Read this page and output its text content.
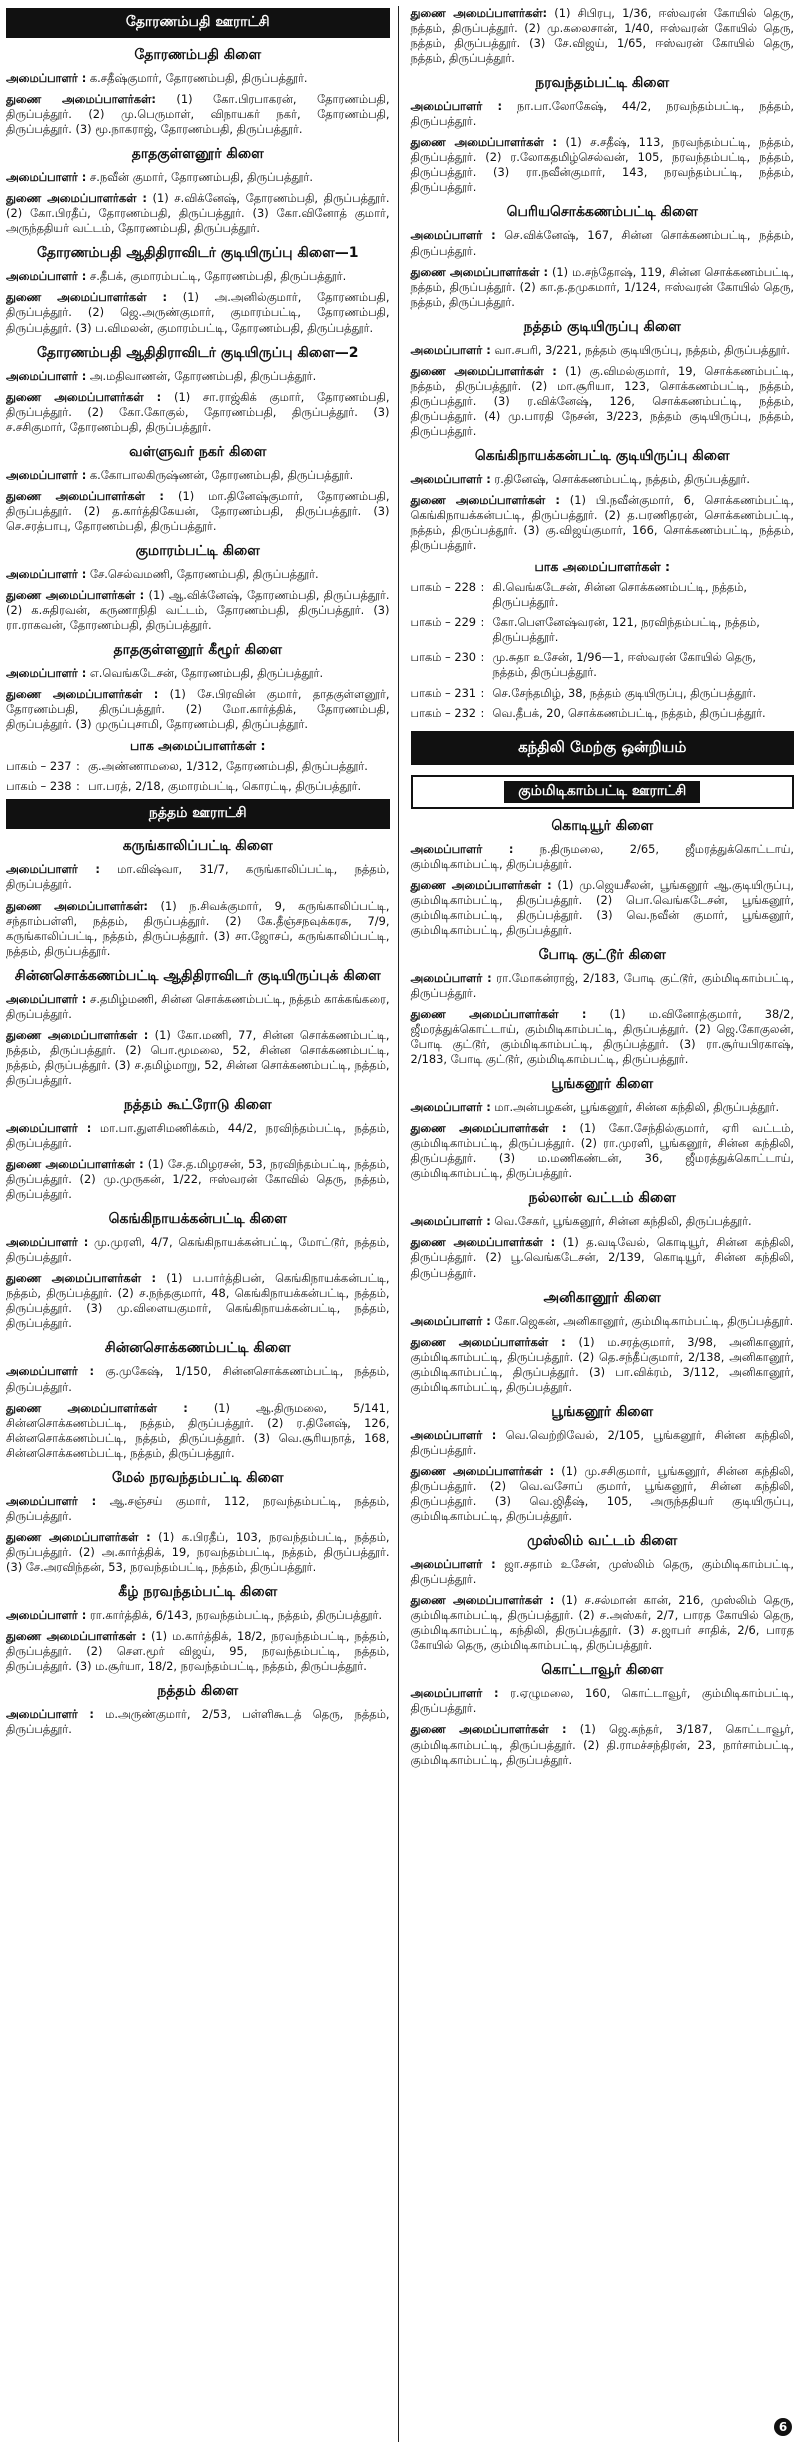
தோரணம்பதி ஊராட்சி
தோரணம்பதி கிளை

அமைப்பாளர் : க.சதீஷ்குமார், தோரணம்பதி, திருப்பத்தூர்.

துணை அமைப்பாளர்கள்: (1) கோ.பிரபாகரன், தோரணம்பதி, திருப்பத்தூர். (2) மு.பெருமாள், விநாயகர் நகர், தோரணம்பதி, திருப்பத்தூர். (3) மூ.நாகராஜ், தோரணம்பதி, திருப்பத்தூர்.

தாதகுள்ளனூர் கிளை

அமைப்பாளர் : ச.நவீன் குமார், தோரணம்பதி, திருப்பத்தூர்.

துணை அமைப்பாளர்கள் : (1) ச.விக்னேஷ், தோரணம்பதி, திருப்பத்தூர். (2) கோ.பிரதீப், தோரணம்பதி, திருப்பத்தூர். (3) கோ.வினோத் குமார், அருந்ததியர் வட்டம், தோரணம்பதி, திருப்பத்தூர்.

தோரணம்பதி ஆதிதிராவிடர் குடியிருப்பு கிளை—1

அமைப்பாளர் : ச.தீபக், குமாரம்பட்டி, தோரணம்பதி, திருப்பத்தூர்.

துணை அமைப்பாளர்கள் : (1) அ.அனில்குமார், தோரணம்பதி, திருப்பத்தூர். (2) ஜெ.அருண்குமார், குமாரம்பட்டி, தோரணம்பதி, திருப்பத்தூர். (3) ப.விமலன், குமாரம்பட்டி, தோரணம்பதி, திருப்பத்தூர்.

தோரணம்பதி ஆதிதிராவிடர் குடியிருப்பு கிளை—2

அமைப்பாளர் : அ.மதிவாணன், தோரணம்பதி, திருப்பத்தூர்.

துணை அமைப்பாளர்கள் : (1) சா.ராஜ்கிக் குமார், தோரணம்பதி, திருப்பத்தூர். (2) கோ.கோகுல், தோரணம்பதி, திருப்பத்தூர். (3) ச.சசிகுமார், தோரணம்பதி, திருப்பத்தூர்.

வள்ளுவர் நகர் கிளை

அமைப்பாளர் : க.கோபாலகிருஷ்ணன், தோரணம்பதி, திருப்பத்தூர்.

துணை அமைப்பாளர்கள் : (1) மா.தினேஷ்குமார், தோரணம்பதி, திருப்பத்தூர். (2) த.கார்த்திகேயன், தோரணம்பதி, திருப்பத்தூர். (3) செ.சரத்பாபு, தோரணம்பதி, திருப்பத்தூர்.

குமாரம்பட்டி கிளை

அமைப்பாளர் : சே.செல்வமணி, தோரணம்பதி, திருப்பத்தூர்.

துணை அமைப்பாளர்கள் : (1) ஆ.விக்னேஷ், தோரணம்பதி, திருப்பத்தூர். (2) க.சுதிரவன், கருணாநிதி வட்டம், தோரணம்பதி, திருப்பத்தூர். (3) ரா.ராகவன், தோரணம்பதி, திருப்பத்தூர்.

தாதகுள்ளனூர் கீழூர் கிளை

அமைப்பாளர் : எ.வெங்கடேசன், தோரணம்பதி, திருப்பத்தூர்.

துணை அமைப்பாளர்கள் : (1) சே.பிரவின் குமார், தாதகுள்ளனூர், தோரணம்பதி, திருப்பத்தூர். (2) மோ.கார்த்திக், தோரணம்பதி, திருப்பத்தூர். (3) முருப்புசாமி, தோரணம்பதி, திருப்பத்தூர்.

பாக அமைப்பாளர்கள் :
பாகம் – 237 : கு.அண்ணாமலை, 1/312, தோரணம்பதி, திருப்பத்தூர்.
பாகம் – 238 : பா.பரத், 2/18, குமாரம்பட்டி, கொரட்டி, திருப்பத்தூர்.
நத்தம் ஊராட்சி
கருங்காலிப்பட்டி கிளை

அமைப்பாளர் : மா.விஷ்வா, 31/7, கருங்காலிப்பட்டி, நத்தம், திருப்பத்தூர்.

துணை அமைப்பாளர்கள்: (1) ந.சிவக்குமார், 9, கருங்காலிப்பட்டி, சந்தாம்பள்ளி, நத்தம், திருப்பத்தூர். (2) கே.தீஞ்சநவுக்கரசு, 7/9, கருங்காலிப்பட்டி, நத்தம், திருப்பத்தூர். (3) சா.ஜோசப், கருங்காலிப்பட்டி, நத்தம், திருப்பத்தூர்.

சின்னசொக்கணம்பட்டி ஆதிதிராவிடர் குடியிருப்புக் கிளை

அமைப்பாளர் : ச.தமிழ்மணி, சின்ன சொக்கணம்பட்டி, நத்தம் காக்கங்கரை, திருப்பத்தூர்.

துணை அமைப்பாளர்கள் : (1) கோ.மணி, 77, சின்ன சொக்கணம்பட்டி, நத்தம், திருப்பத்தூர். (2) பொ.மூமலை, 52, சின்ன சொக்கணம்பட்டி, நத்தம், திருப்பத்தூர். (3) ச.தமிழ்மாறு, 52, சின்ன சொக்கணம்பட்டி, நத்தம், திருப்பத்தூர்.

நத்தம் கூட்ரோடு கிளை

அமைப்பாளர் : மா.பா.துளசிமணிக்கம், 44/2, நரவிந்தம்பட்டி, நத்தம், திருப்பத்தூர்.

துணை அமைப்பாளர்கள் : (1) சே.த.மிழரசன், 53, நரவிந்தம்பட்டி, நத்தம், திருப்பத்தூர். (2) மு.முருகன், 1/22, ஈஸ்வரன் கோவில் தெரு, நத்தம், திருப்பத்தூர்.

கெங்கிநாயக்கன்பட்டி கிளை

அமைப்பாளர் : மு.முரளி, 4/7, கெங்கிநாயக்கன்பட்டி, மோட்டூர், நத்தம், திருப்பத்தூர்.

துணை அமைப்பாளர்கள் : (1) ப.பார்த்திபன், கெங்கிநாயக்கன்பட்டி, நத்தம், திருப்பத்தூர். (2) ச.நந்தகுமார், 48, கெங்கிநாயக்கன்பட்டி, நத்தம், திருப்பத்தூர். (3) மு.விளையகுமார், கெங்கிநாயக்கன்பட்டி, நத்தம், திருப்பத்தூர்.

சின்னசொக்கணம்பட்டி கிளை

அமைப்பாளர் : கு.முகேஷ், 1/150, சின்னசொக்கணம்பட்டி, நத்தம், திருப்பத்தூர்.

துணை அமைப்பாளர்கள் : (1) ஆ.திருமலை, 5/141, சின்னசொக்கணம்பட்டி, நத்தம், திருப்பத்தூர். (2) ர.தினேஷ், 126, சின்னசொக்கணம்பட்டி, நத்தம், திருப்பத்தூர். (3) வெ.சூரியநாத், 168, சின்னசொக்கணம்பட்டி, நத்தம், திருப்பத்தூர்.

மேல் நரவந்தம்பட்டி கிளை

அமைப்பாளர் : ஆ.சஞ்சய் குமார், 112, நரவந்தம்பட்டி, நத்தம், திருப்பத்தூர்.

துணை அமைப்பாளர்கள் : (1) க.பிரதீப், 103, நரவந்தம்பட்டி, நத்தம், திருப்பத்தூர். (2) அ.கார்த்திக், 19, நரவந்தம்பட்டி, நத்தம், திருப்பத்தூர். (3) சே.அரவிந்தன், 53, நரவந்தம்பட்டி, நத்தம், திருப்பத்தூர்.

கீழ் நரவந்தம்பட்டி கிளை

அமைப்பாளர் : ரா.கார்த்திக், 6/143, நரவந்தம்பட்டி, நத்தம், திருப்பத்தூர்.

துணை அமைப்பாளர்கள் : (1) ம.கார்த்திக், 18/2, நரவந்தம்பட்டி, நத்தம், திருப்பத்தூர். (2) சௌ.மூர் விஜய், 95, நரவந்தம்பட்டி, நத்தம், திருப்பத்தூர். (3) ம.சூர்யா, 18/2, நரவந்தம்பட்டி, நத்தம், திருப்பத்தூர்.

நத்தம் கிளை

அமைப்பாளர் : ம.அருண்குமார், 2/53, பள்ளிகூடத் தெரு, நத்தம், திருப்பத்தூர்.

துணை அமைப்பாளர்கள்: (1) சிபிரபு, 1/36, ஈஸ்வரன் கோயில் தெரு, நத்தம், திருப்பத்தூர். (2) மு.கலைசான், 1/40, ஈஸ்வரன் கோயில் தெரு, நத்தம், திருப்பத்தூர். (3) சே.விஜய், 1/65, ஈஸ்வரன் கோயில் தெரு, நத்தம், திருப்பத்தூர்.

நரவந்தம்பட்டி கிளை

அமைப்பாளர் : நா.பா.லோகேஷ், 44/2, நரவந்தம்பட்டி, நத்தம், திருப்பத்தூர்.

துணை அமைப்பாளர்கள் : (1) ச.சதீஷ், 113, நரவந்தம்பட்டி, நத்தம், திருப்பத்தூர். (2) ர.லோகதமிழ்செல்வன், 105, நரவந்தம்பட்டி, நத்தம், திருப்பத்தூர். (3) ரா.நவீன்குமார், 143, நரவந்தம்பட்டி, நத்தம், திருப்பத்தூர்.

பெரியசொக்கணம்பட்டி கிளை

அமைப்பாளர் : செ.விக்னேஷ், 167, சின்ன சொக்கணம்பட்டி, நத்தம், திருப்பத்தூர்.

துணை அமைப்பாளர்கள் : (1) ம.சந்தோஷ், 119, சின்ன சொக்கணம்பட்டி, நத்தம், திருப்பத்தூர். (2) கா.த.தமுகமார், 1/124, ஈஸ்வரன் கோயில் தெரு, நத்தம், திருப்பத்தூர்.

நத்தம் குடியிருப்பு கிளை

அமைப்பாளர் : வா.சபரி, 3/221, நத்தம் குடியிருப்பு, நத்தம், திருப்பத்தூர்.

துணை அமைப்பாளர்கள் : (1) கு.விமல்குமார், 19, சொக்கணம்பட்டி, நத்தம், திருப்பத்தூர். (2) மா.சூரியா, 123, சொக்கணம்பட்டி, நத்தம், திருப்பத்தூர். (3) ர.விக்னேஷ், 126, சொக்கணம்பட்டி, நத்தம், திருப்பத்தூர். (4) மு.பாரதி நேசன், 3/223, நத்தம் குடியிருப்பு, நத்தம், திருப்பத்தூர்.

கெங்கிநாயக்கன்பட்டி குடியிருப்பு கிளை

அமைப்பாளர் : ர.தினேஷ், சொக்கணம்பட்டி, நத்தம், திருப்பத்தூர்.

துணை அமைப்பாளர்கள் : (1) பி.நவீன்குமார், 6, சொக்கணம்பட்டி, கெங்கிநாயக்கன்பட்டி, திருப்பத்தூர். (2) த.பரணிதரன், சொக்கணம்பட்டி, நத்தம், திருப்பத்தூர். (3) கு.விஜய்குமார், 166, சொக்கணம்பட்டி, நத்தம், திருப்பத்தூர்.

பாக அமைப்பாளர்கள் :
பாகம் – 228 : கி.வெங்கடேசன், சின்ன சொக்கணம்பட்டி, நத்தம், திருப்பத்தூர்.
பாகம் – 229 : கோ.பௌனேஷ்வரன், 121, நரவிந்தம்பட்டி, நத்தம், திருப்பத்தூர்.
பாகம் – 230 : மு.சுதா உசேன், 1/96—1, ஈஸ்வரன் கோயில் தெரு, நத்தம், திருப்பத்தூர்.
பாகம் – 231 : செ.சேந்தமிழ், 38, நத்தம் குடியிருப்பு, திருப்பத்தூர்.
பாகம் – 232 : வெ.தீபக், 20, சொக்கணம்பட்டி, நத்தம், திருப்பத்தூர்.
கந்திலி மேற்கு ஒன்றியம்
கும்மிடிகாம்பட்டி ஊராட்சி
கொடியூர் கிளை

அமைப்பாளர் : ந.திருமலை, 2/65, ஜீமரத்துக்கொட்டாய், கும்மிடிகாம்பட்டி, திருப்பத்தூர்.

துணை அமைப்பாளர்கள் : (1) மு.ஜெயசீலன், பூங்கனூர் ஆ.குடியிருப்பு, கும்மிடிகாம்பட்டி, திருப்பத்தூர். (2) பொ.வெங்கடேசன், பூங்கனூர், கும்மிடிகாம்பட்டி, திருப்பத்தூர். (3) வெ.நவீன் குமார், பூங்கனூர், கும்மிடிகாம்பட்டி, திருப்பத்தூர்.

போடி குட்டூர் கிளை

அமைப்பாளர் : ரா.மோகன்ராஜ், 2/183, போடி குட்டூர், கும்மிடிகாம்பட்டி, திருப்பத்தூர்.

துணை அமைப்பாளர்கள் : (1) ம.வினோத்குமார், 38/2, ஜீமரத்துக்கொட்டாய், கும்மிடிகாம்பட்டி, திருப்பத்தூர். (2) ஜெ.கோகுலன், போடி குட்டூர், கும்மிடிகாம்பட்டி, திருப்பத்தூர். (3) ரா.சூர்யபிரகாஷ், 2/183, போடி குட்டூர், கும்மிடிகாம்பட்டி, திருப்பத்தூர்.

பூங்கனூர் கிளை

அமைப்பாளர் : மா.அன்பழகன், பூங்கனூர், சின்ன கந்திலி, திருப்பத்தூர்.

துணை அமைப்பாளர்கள் : (1) கோ.சேந்தில்குமார், ஏரி வட்டம், கும்மிடிகாம்பட்டி, திருப்பத்தூர். (2) ரா.முரளி, பூங்கனூர், சின்ன கந்திலி, திருப்பத்தூர். (3) ம.மணிகண்டன், 36, ஜீமரத்துக்கொட்டாய், கும்மிடிகாம்பட்டி, திருப்பத்தூர்.

நல்லான் வட்டம் கிளை

அமைப்பாளர் : வெ.சேகர், பூங்கனூர், சின்ன கந்திலி, திருப்பத்தூர்.

துணை அமைப்பாளர்கள் : (1) த.வடிவேல், கொடியூர், சின்ன கந்திலி, திருப்பத்தூர். (2) பூ.வெங்கடேசன், 2/139, கொடியூர், சின்ன கந்திலி, திருப்பத்தூர்.

அனிகானூர் கிளை

அமைப்பாளர் : கோ.ஜெகன், அனிகானூர், கும்மிடிகாம்பட்டி, திருப்பத்தூர்.

துணை அமைப்பாளர்கள் : (1) ம.சரத்குமார், 3/98, அனிகானூர், கும்மிடிகாம்பட்டி, திருப்பத்தூர். (2) தெ.சந்தீப்குமார், 2/138, அனிகானூர், கும்மிடிகாம்பட்டி, திருப்பத்தூர். (3) பா.விக்ரம், 3/112, அனிகானூர், கும்மிடிகாம்பட்டி, திருப்பத்தூர்.

பூங்கனூர் கிளை

அமைப்பாளர் : வெ.வெற்றிவேல், 2/105, பூங்கனூர், சின்ன கந்திலி, திருப்பத்தூர்.

துணை அமைப்பாளர்கள் : (1) மு.சசிகுமார், பூங்கனூர், சின்ன கந்திலி, திருப்பத்தூர். (2) வெ.வசோப் குமார், பூங்கனூர், சின்ன கந்திலி, திருப்பத்தூர். (3) வெ.ஜிதீஷ், 105, அருந்ததியர் குடியிருப்பு, கும்மிடிகாம்பட்டி, திருப்பத்தூர்.

முஸ்லிம் வட்டம் கிளை

அமைப்பாளர் : ஜா.சதாம் உசேன், முஸ்லிம் தெரு, கும்மிடிகாம்பட்டி, திருப்பத்தூர்.

துணை அமைப்பாளர்கள் : (1) ச.சல்மான் கான், 216, முஸ்லிம் தெரு, கும்மிடிகாம்பட்டி, திருப்பத்தூர். (2) ச.அஸ்கர், 2/7, பாரத கோயில் தெரு, கும்மிடிகாம்பட்டி, கந்திலி, திருப்பத்தூர். (3) ச.ஜாபர் சாதிக், 2/6, பாரத கோயில் தெரு, கும்மிடிகாம்பட்டி, திருப்பத்தூர்.

கொட்டாவூர் கிளை

அமைப்பாளர் : ர.ஏழுமலை, 160, கொட்டாவூர், கும்மிடிகாம்பட்டி, திருப்பத்தூர்.

துணை அமைப்பாளர்கள் : (1) ஜெ.கந்தர், 3/187, கொட்டாவூர், கும்மிடிகாம்பட்டி, திருப்பத்தூர். (2) தி.ராமச்சந்திரன், 23, நார்சாம்பட்டி, கும்மிடிகாம்பட்டி, திருப்பத்தூர்.

6
